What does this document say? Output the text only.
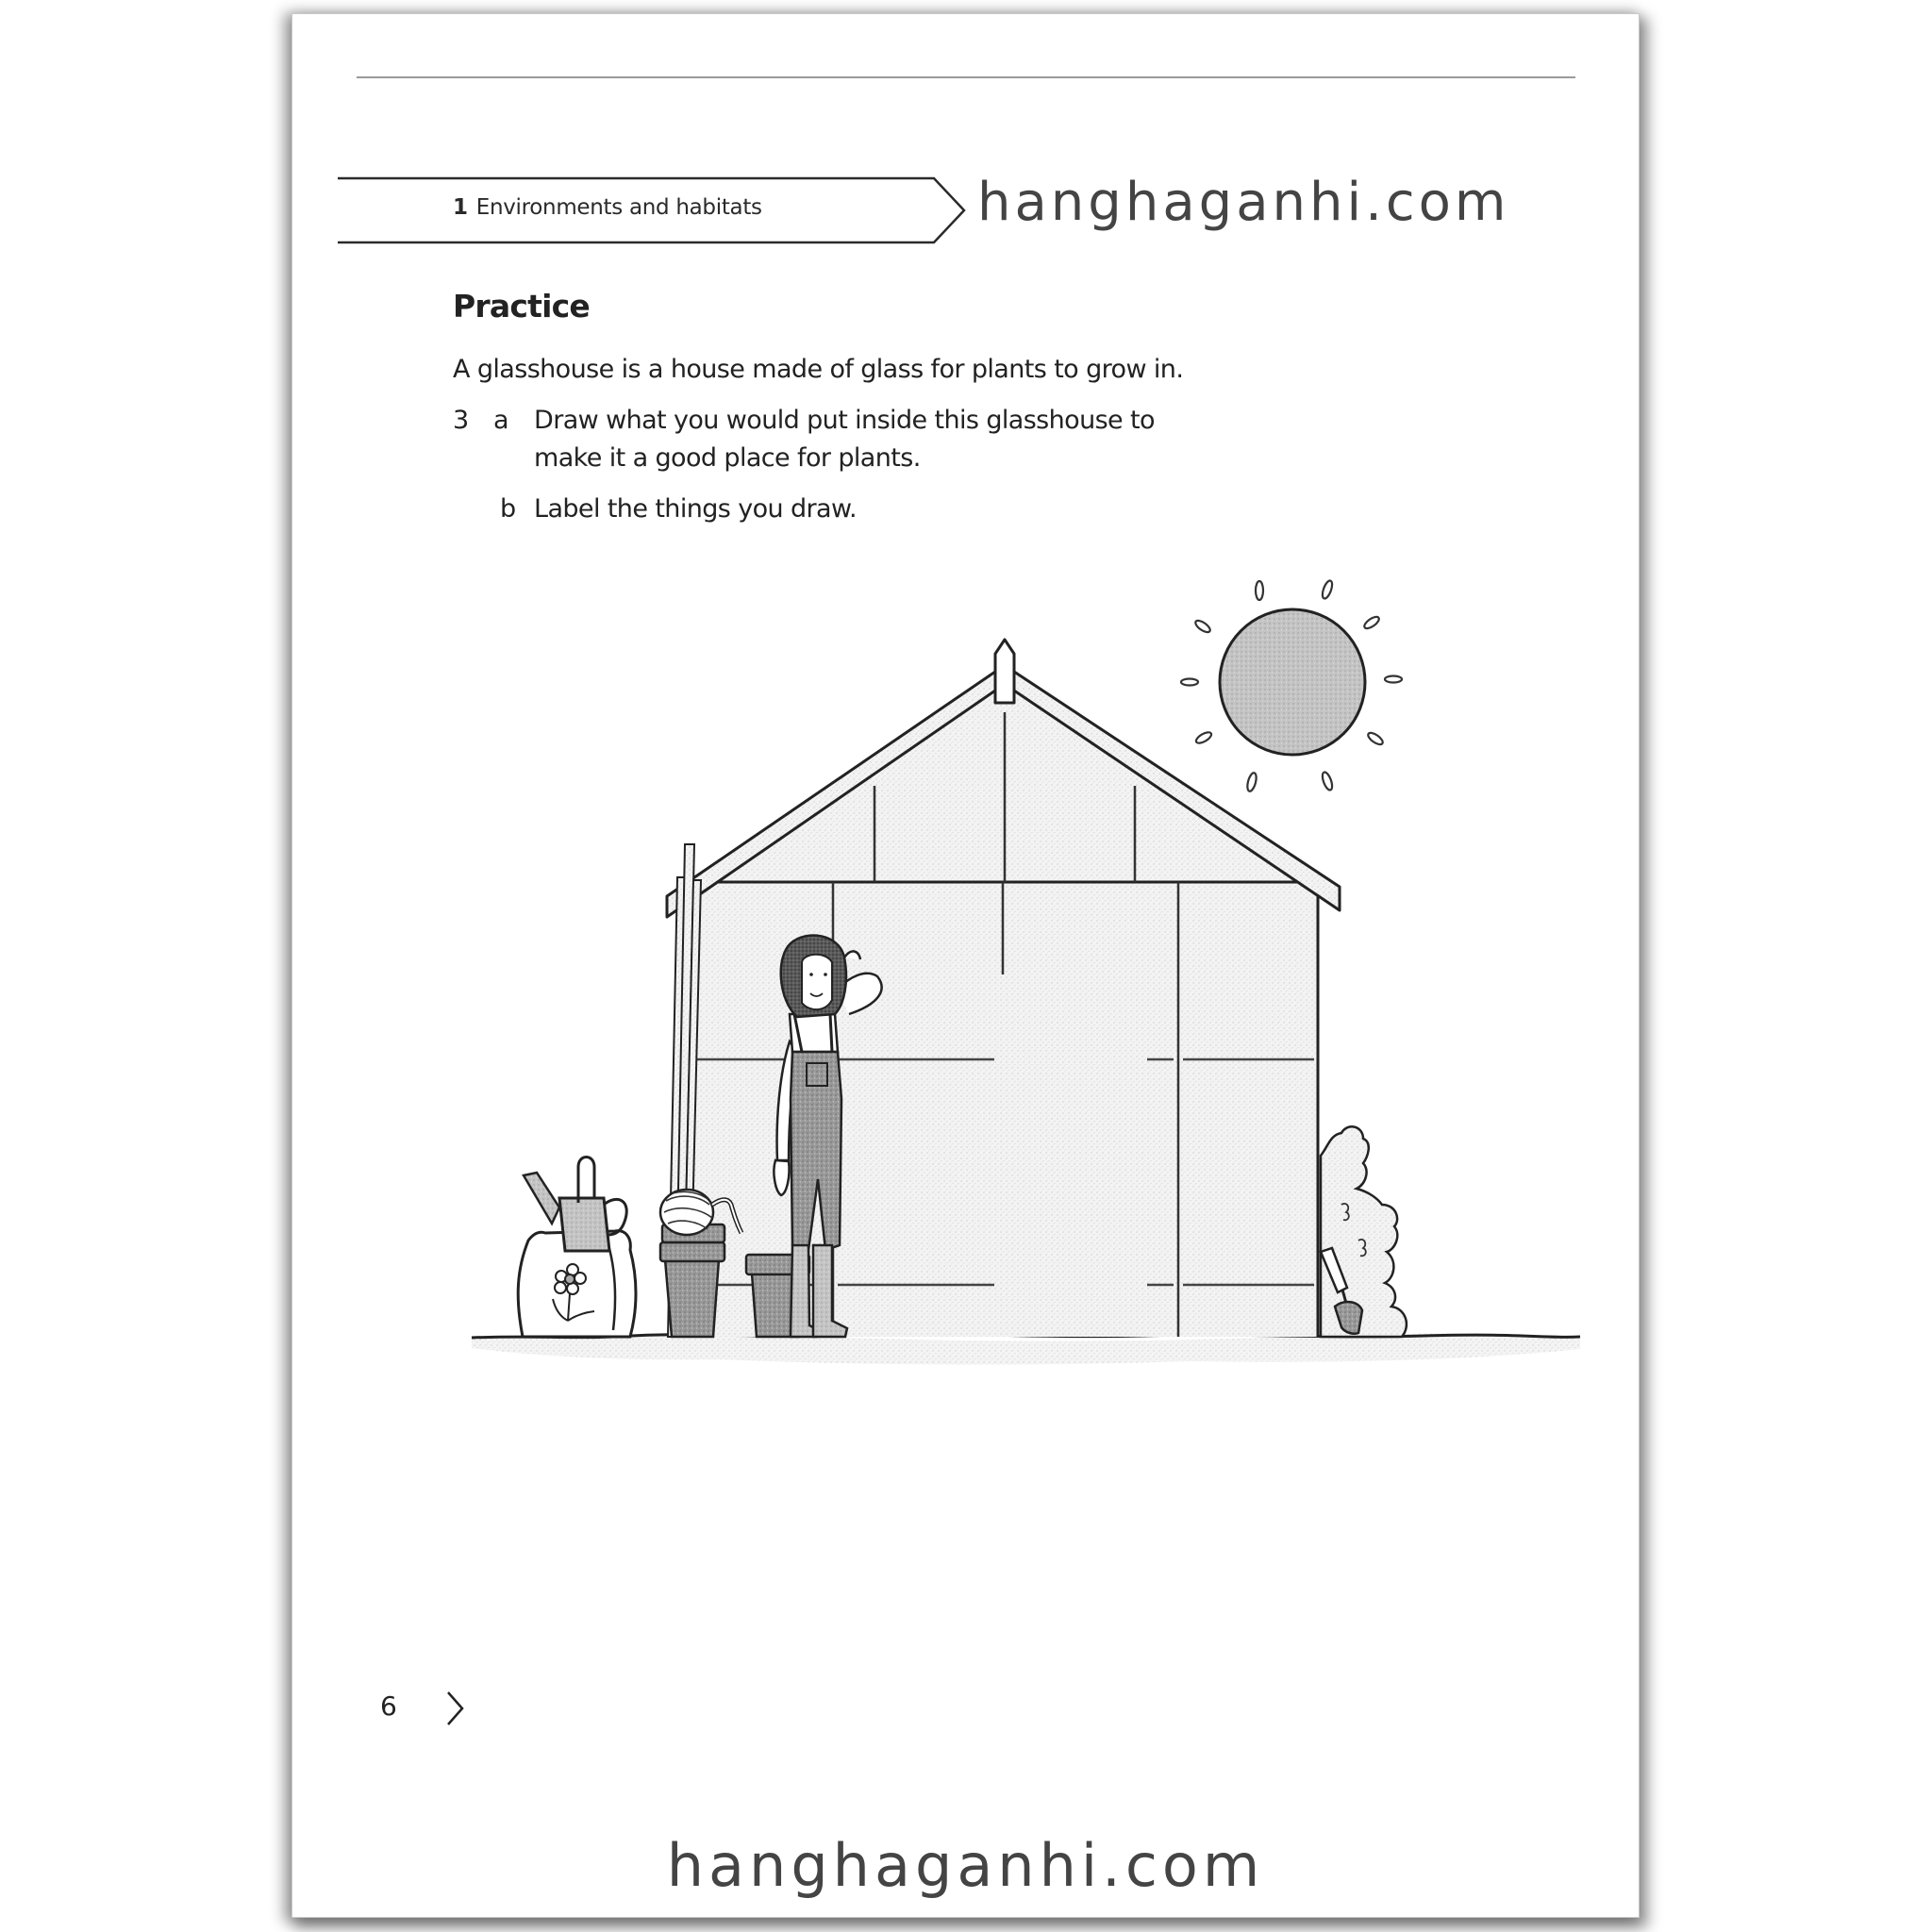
1 Environments and habitats	hanghaganhi.com
Practice
A glasshouse is a house made of glass for plants to grow in.
3 a Draw what you would put inside this glasshouse to
make it a good place for plants.
b Label the things you draw.
6
hanghaganhi.com
